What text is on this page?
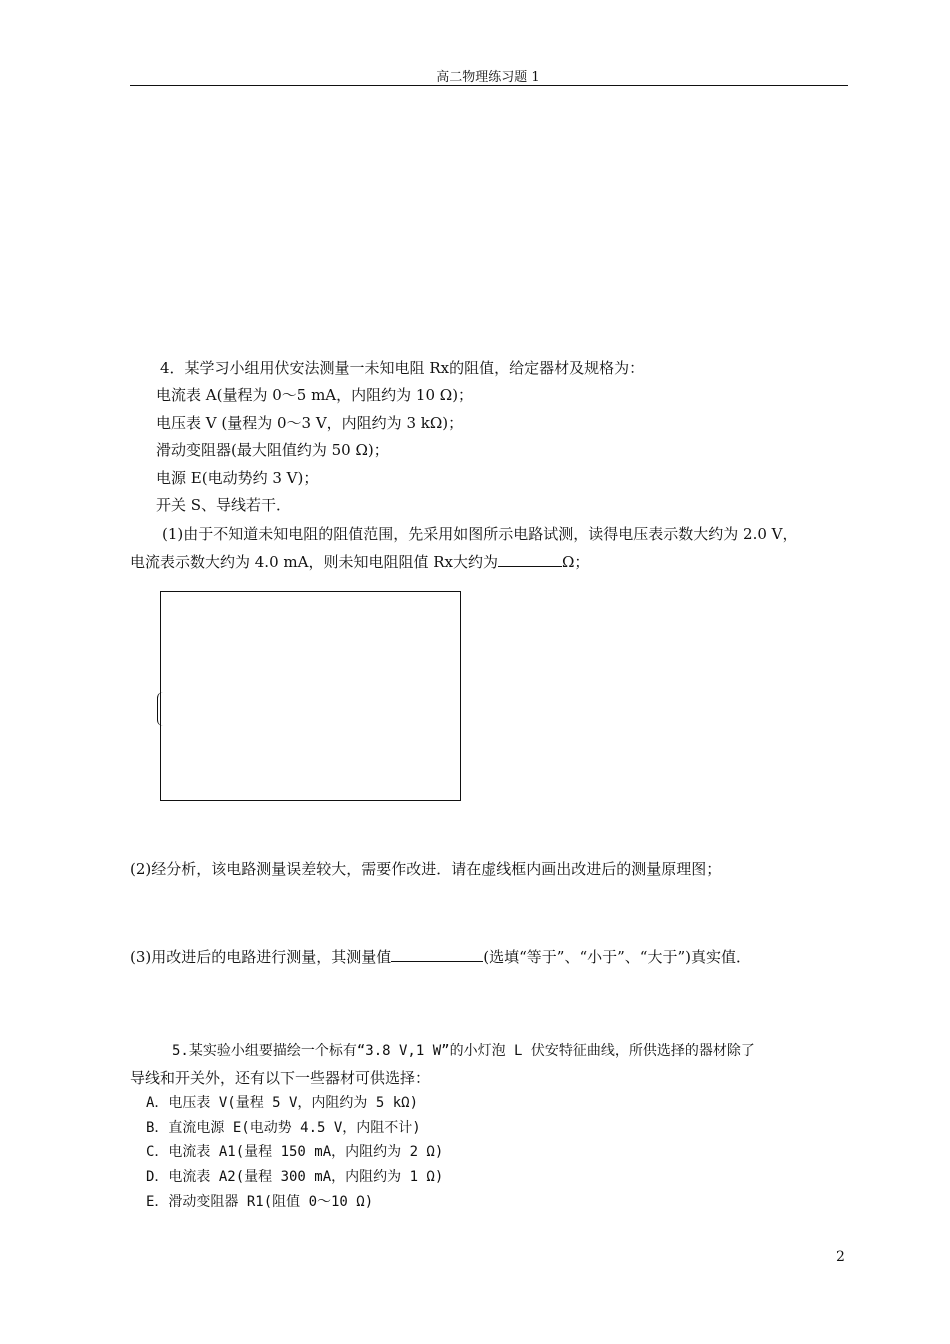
高二物理练习题 1
4．某学习小组用伏安法测量一未知电阻 Rx的阻值，给定器材及规格为：
电流表 A(量程为 0～5 mA，内阻约为 10 Ω)；
电压表 V (量程为 0～3 V，内阻约为 3 kΩ)；
滑动变阻器(最大阻值约为 50 Ω)；
电源 E(电动势约 3 V)；
开关 S、导线若干．
(1)由于不知道未知电阻的阻值范围，先采用如图所示电路试测，读得电压表示数大约为 2.0 V，
电流表示数大约为 4.0 mA，则未知电阻阻值 Rx大约为	Ω；
(2)经分析，该电路测量误差较大，需要作改进．请在虚线框内画出改进后的测量原理图；
(3)用改进后的电路进行测量，其测量值	(选填“等于”、“小于”、“大于”)真实值．
5.某实验小组要描绘一个标有“3.8 V,1 W”的小灯泡 L 伏安特征曲线，所供选择的器材除了
导线和开关外，还有以下一些器材可供选择：
A．电压表 V(量程 5 V，内阻约为 5 kΩ)
B．直流电源 E(电动势 4.5 V，内阻不计)
C．电流表 A1(量程 150 mA，内阻约为 2 Ω)
D．电流表 A2(量程 300 mA，内阻约为 1 Ω)
E．滑动变阻器 R1(阻值 0～10 Ω)
2
